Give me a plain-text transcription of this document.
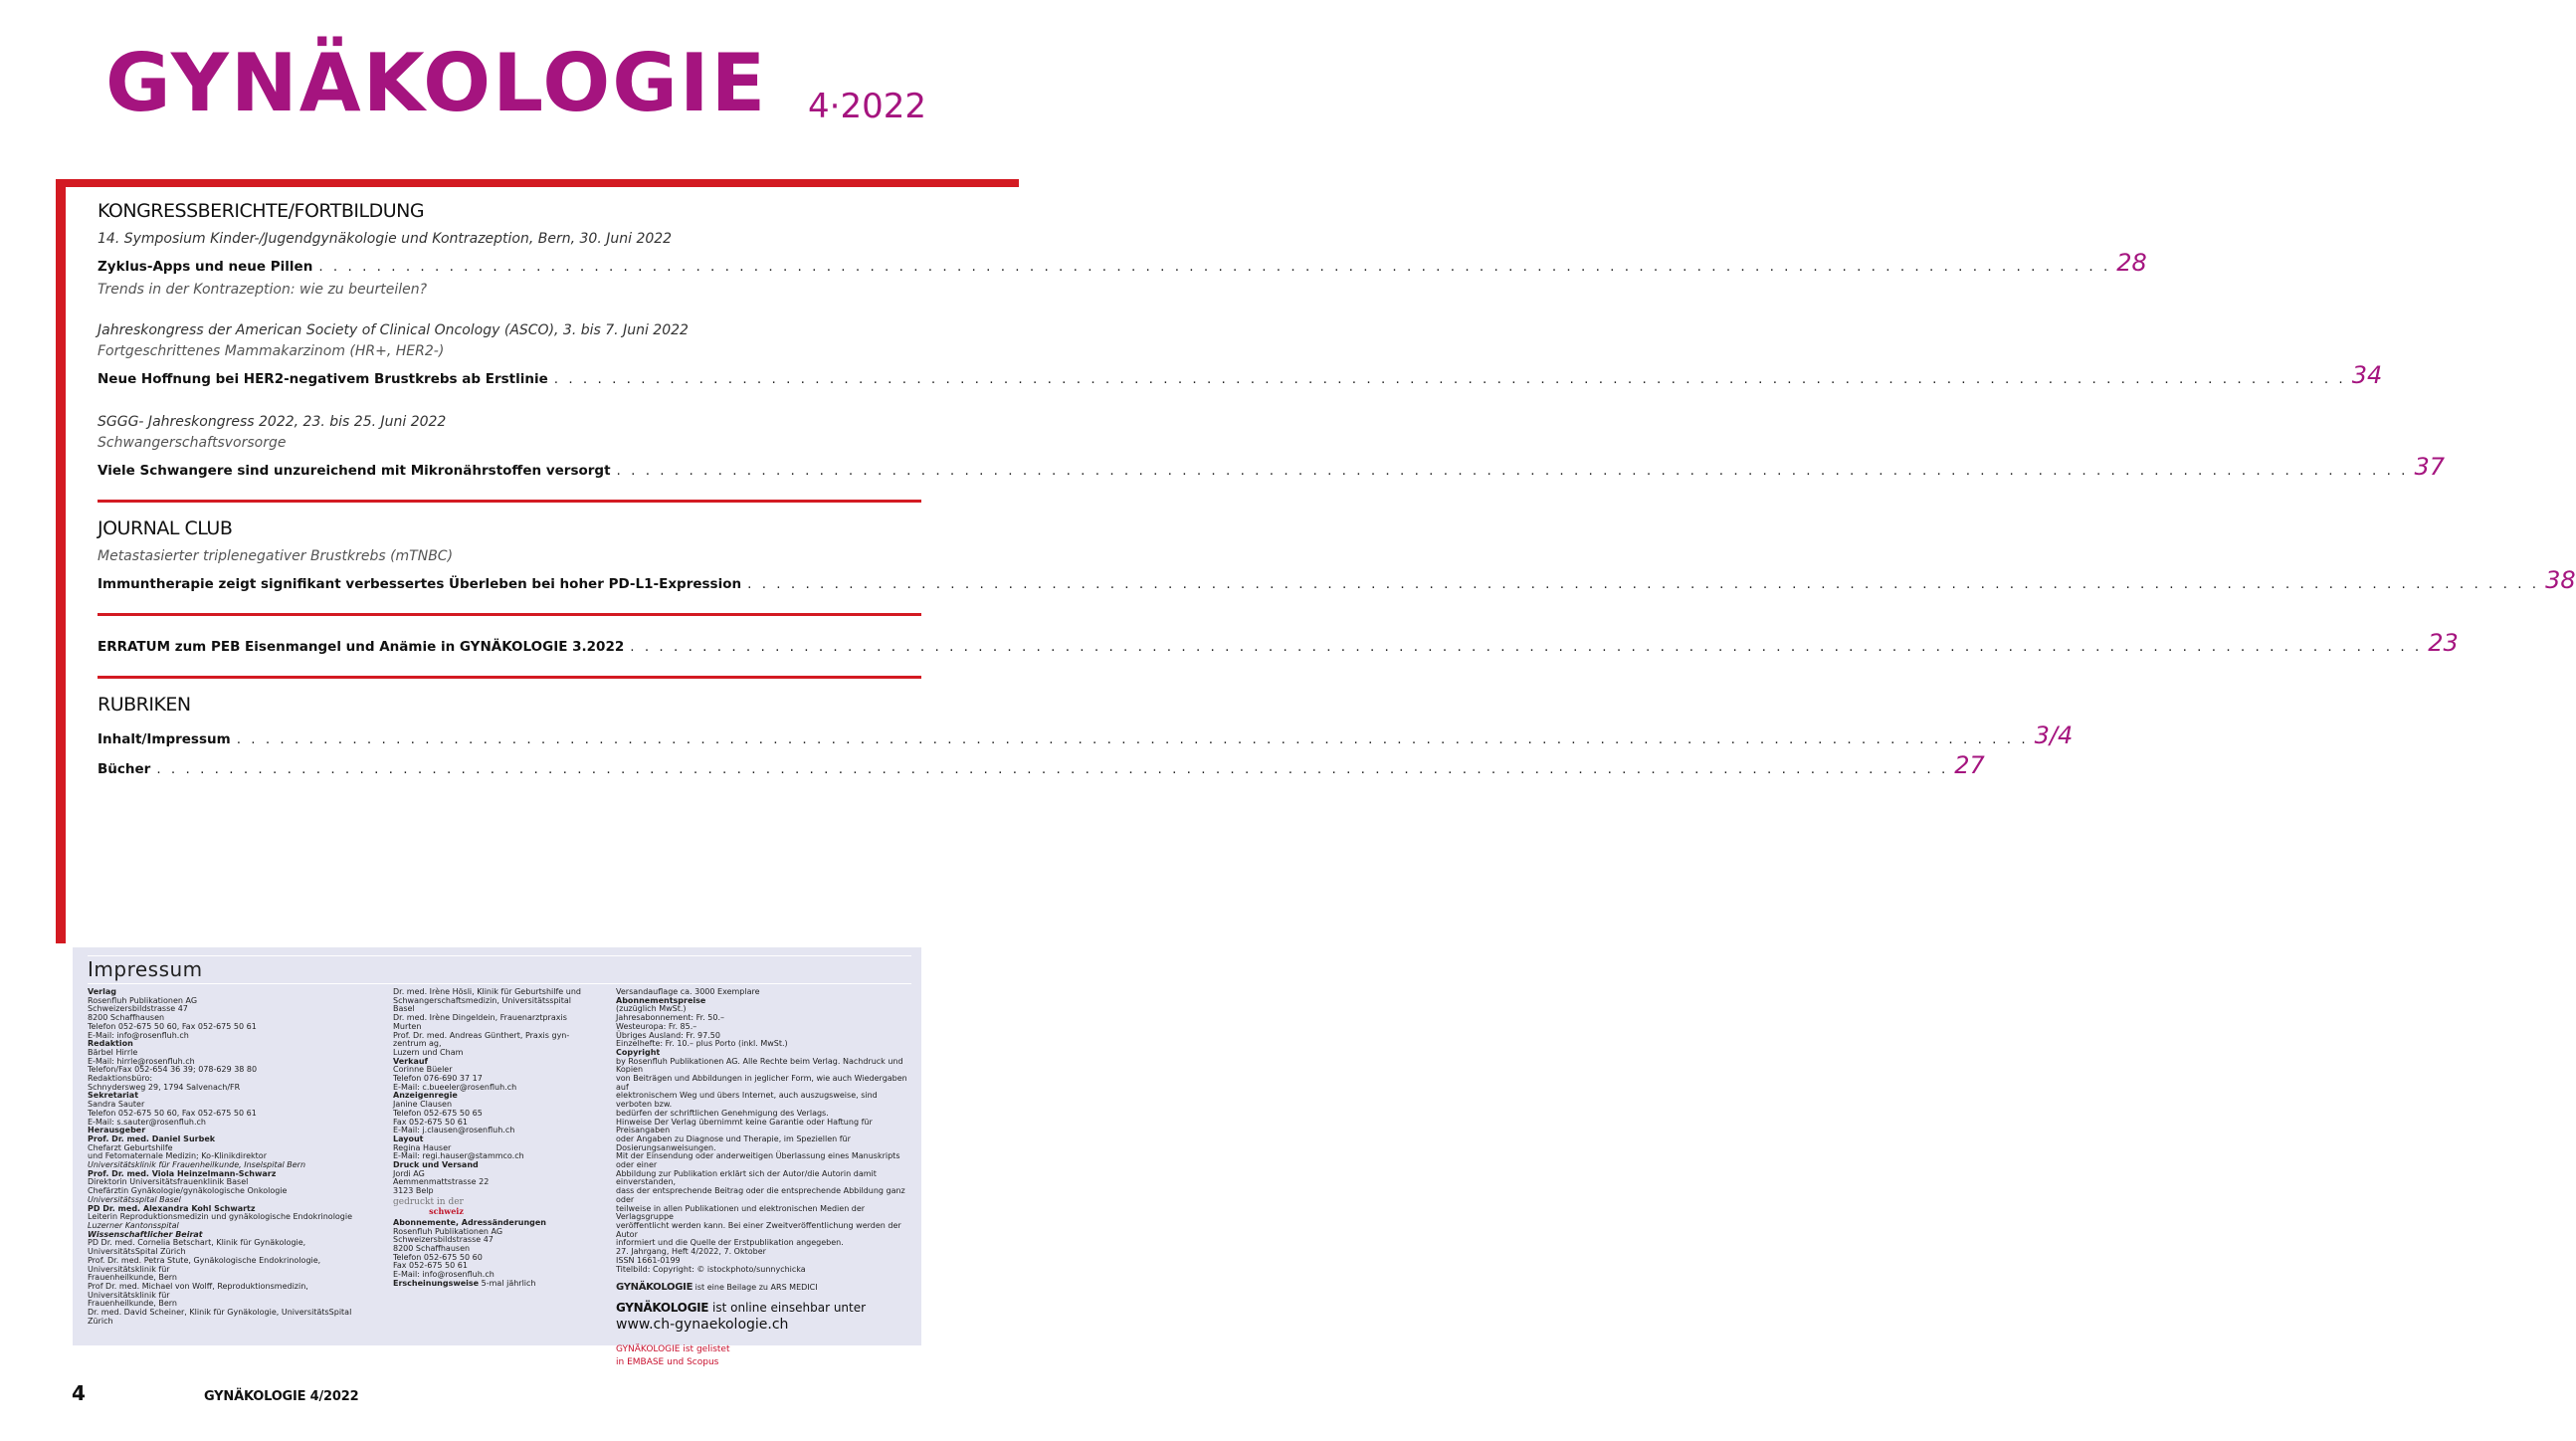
GYNÄKOLOGIE 4·2022
KONGRESSBERICHTE/FORTBILDUNG

14. Symposium Kinder-/Jugendgynäkologie und Kontrazeption, Bern, 30. Juni 2022

Zyklus-Apps und neue Pillen . . . . . . . . . . . . . . . . . . . . . . . . . . . . . . . . . . . . . . . . . . . . . . . . . . . . . . . . . . . . . . . . . . . . . . . . . . . . . . . . . . . . . . . . . . . . . . . . . . . . . . . . . . . . . . . . . . . . . . . . . . . . 28

Trends in der Kontrazeption: wie zu beurteilen?

Jahreskongress der American Society of Clinical Oncology (ASCO), 3. bis 7. Juni 2022

Fortgeschrittenes Mammakarzinom (HR+, HER2-)

Neue Hoffnung bei HER2-negativem Brustkrebs ab Erstlinie . . . . . . . . . . . . . . . . . . . . . . . . . . . . . . . . . . . . . . . . . . . . . . . . . . . . . . . . . . . . . . . . . . . . . . . . . . . . . . . . . . . . . . . . . . . . . . . . . . . . . . . . . . . . . . . . . . . . . . . . . . . . 34

SGGG- Jahreskongress 2022, 23. bis 25. Juni 2022

Schwangerschaftsvorsorge

Viele Schwangere sind unzureichend mit Mikronährstoffen versorgt . . . . . . . . . . . . . . . . . . . . . . . . . . . . . . . . . . . . . . . . . . . . . . . . . . . . . . . . . . . . . . . . . . . . . . . . . . . . . . . . . . . . . . . . . . . . . . . . . . . . . . . . . . . . . . . . . . . . . . . . . . . . 37
JOURNAL CLUB

Metastasierter triplenegativer Brustkrebs (mTNBC)

Immuntherapie zeigt signifikant verbessertes Überleben bei hoher PD-L1-Expression . . . . . . . . . . . . . . . . . . . . . . . . . . . . . . . . . . . . . . . . . . . . . . . . . . . . . . . . . . . . . . . . . . . . . . . . . . . . . . . . . . . . . . . . . . . . . . . . . . . . . . . . . . . . . . . . . . . . . . . . . . . . 38
ERRATUM zum PEB Eisenmangel und Anämie in GYNÄKOLOGIE 3.2022 . . . . . . . . . . . . . . . . . . . . . . . . . . . . . . . . . . . . . . . . . . . . . . . . . . . . . . . . . . . . . . . . . . . . . . . . . . . . . . . . . . . . . . . . . . . . . . . . . . . . . . . . . . . . . . . . . . . . . . . . . . . . 23
RUBRIKEN
Inhalt/Impressum . . . . . . . . . . . . . . . . . . . . . . . . . . . . . . . . . . . . . . . . . . . . . . . . . . . . . . . . . . . . . . . . . . . . . . . . . . . . . . . . . . . . . . . . . . . . . . . . . . . . . . . . . . . . . . . . . . . . . . . . . . . . 3/4
Bücher . . . . . . . . . . . . . . . . . . . . . . . . . . . . . . . . . . . . . . . . . . . . . . . . . . . . . . . . . . . . . . . . . . . . . . . . . . . . . . . . . . . . . . . . . . . . . . . . . . . . . . . . . . . . . . . . . . . . . . . . . . . . 27
Impressum

Verlag

Rosenfluh Publikationen AG

Schweizersbildstrasse 47

8200 Schaffhausen

Telefon 052-675 50 60, Fax 052-675 50 61

E-Mail: info@rosenfluh.ch

Redaktion

Bärbel Hirrle

E-Mail: hirrle@rosenfluh.ch

Telefon/Fax 052-654 36 39; 078-629 38 80

Redaktionsbüro:

Schnydersweg 29, 1794 Salvenach/FR

Sekretariat

Sandra Sauter

Telefon 052-675 50 60, Fax 052-675 50 61

E-Mail: s.sauter@rosenfluh.ch

Herausgeber

Prof. Dr. med. Daniel Surbek

Chefarzt Geburtshilfe

und Fetomaternale Medizin; Ko-Klinikdirektor

Universitätsklinik für Frauenheilkunde, Inselspital Bern

Prof. Dr. med. Viola Heinzelmann-Schwarz

Direktorin Universitätsfrauenklinik Basel

Chefärztin Gynäkologie/gynäkologische Onkologie

Universitätsspital Basel

PD Dr. med. Alexandra Kohl Schwartz

Leiterin Reproduktionsmedizin und gynäkologische Endokrinologie

Luzerner Kantonsspital

Wissenschaftlicher Beirat

PD Dr. med. Cornelia Betschart, Klinik für Gynäkologie, UniversitätsSpital Zürich

Prof. Dr. med. Petra Stute, Gynäkologische Endokrinologie, Universitätsklinik für

Frauenheilkunde, Bern

Prof Dr. med. Michael von Wolff, Reproduktionsmedizin, Universitätsklinik für

Frauenheilkunde, Bern

Dr. med. David Scheiner, Klinik für Gynäkologie, UniversitätsSpital Zürich

Dr. med. Irène Hösli, Klinik für Geburtshilfe und

Schwangerschaftsmedizin, Universitätsspital Basel

Dr. med. Irène Dingeldein, Frauenarztpraxis Murten

Prof. Dr. med. Andreas Günthert, Praxis gyn-zentrum ag,

Luzern und Cham

Verkauf

Corinne Büeler

Telefon 076-690 37 17

E-Mail: c.bueeler@rosenfluh.ch

Anzeigenregie

Janine Clausen

Telefon 052-675 50 65

Fax 052-675 50 61

E-Mail: j.clausen@rosenfluh.ch

Layout

Regina Hauser

E-Mail: regi.hauser@stammco.ch

Druck und Versand

Jordi AG

Aemmenmattstrasse 22

3123 Belp

gedruckt in der
schweiz

Abonnemente, Adressänderungen

Rosenfluh Publikationen AG

Schweizersbildstrasse 47

8200 Schaffhausen

Telefon 052-675 50 60

Fax 052-675 50 61

E-Mail: info@rosenfluh.ch

Erscheinungsweise 5-mal jährlich

Versandauflage ca. 3000 Exemplare

Abonnementspreise

(zuzüglich MwSt.)

Jahresabonnement: Fr. 50.–

Westeuropa: Fr. 85.–

Übriges Ausland: Fr. 97.50

Einzelhefte: Fr. 10.– plus Porto (inkl. MwSt.)

Copyright

by Rosenfluh Publikationen AG. Alle Rechte beim Verlag. Nachdruck und Kopien

von Beiträgen und Abbildungen in jeglicher Form, wie auch Wiedergaben auf

elektronischem Weg und übers Internet, auch auszugsweise, sind verboten bzw.

bedürfen der schriftlichen Genehmigung des Verlags.

Hinweise Der Verlag übernimmt keine Garantie oder Haftung für Preisangaben

oder Angaben zu Diagnose und Therapie, im Speziellen für Dosierungsanweisungen.

Mit der Einsendung oder anderweitigen Überlassung eines Manuskripts oder einer

Abbildung zur Publikation erklärt sich der Autor/die Autorin damit einverstanden,

dass der entsprechende Beitrag oder die entsprechende Abbildung ganz oder

teilweise in allen Publikationen und elektronischen Medien der Verlagsgruppe

veröffentlicht werden kann. Bei einer Zweitveröffentlichung werden der Autor

informiert und die Quelle der Erstpublikation angegeben.

27. Jahrgang, Heft 4/2022, 7. Oktober

ISSN 1661-0199

Titelbild: Copyright: © istockphoto/sunnychicka

GYNÄKOLOGIE ist eine Beilage zu ARS MEDICI

GYNÄKOLOGIE ist online einsehbar unter

www.ch-gynaekologie.ch

GYNÄKOLOGIE ist gelistet

in EMBASE und Scopus

4	GYNÄKOLOGIE 4/2022
